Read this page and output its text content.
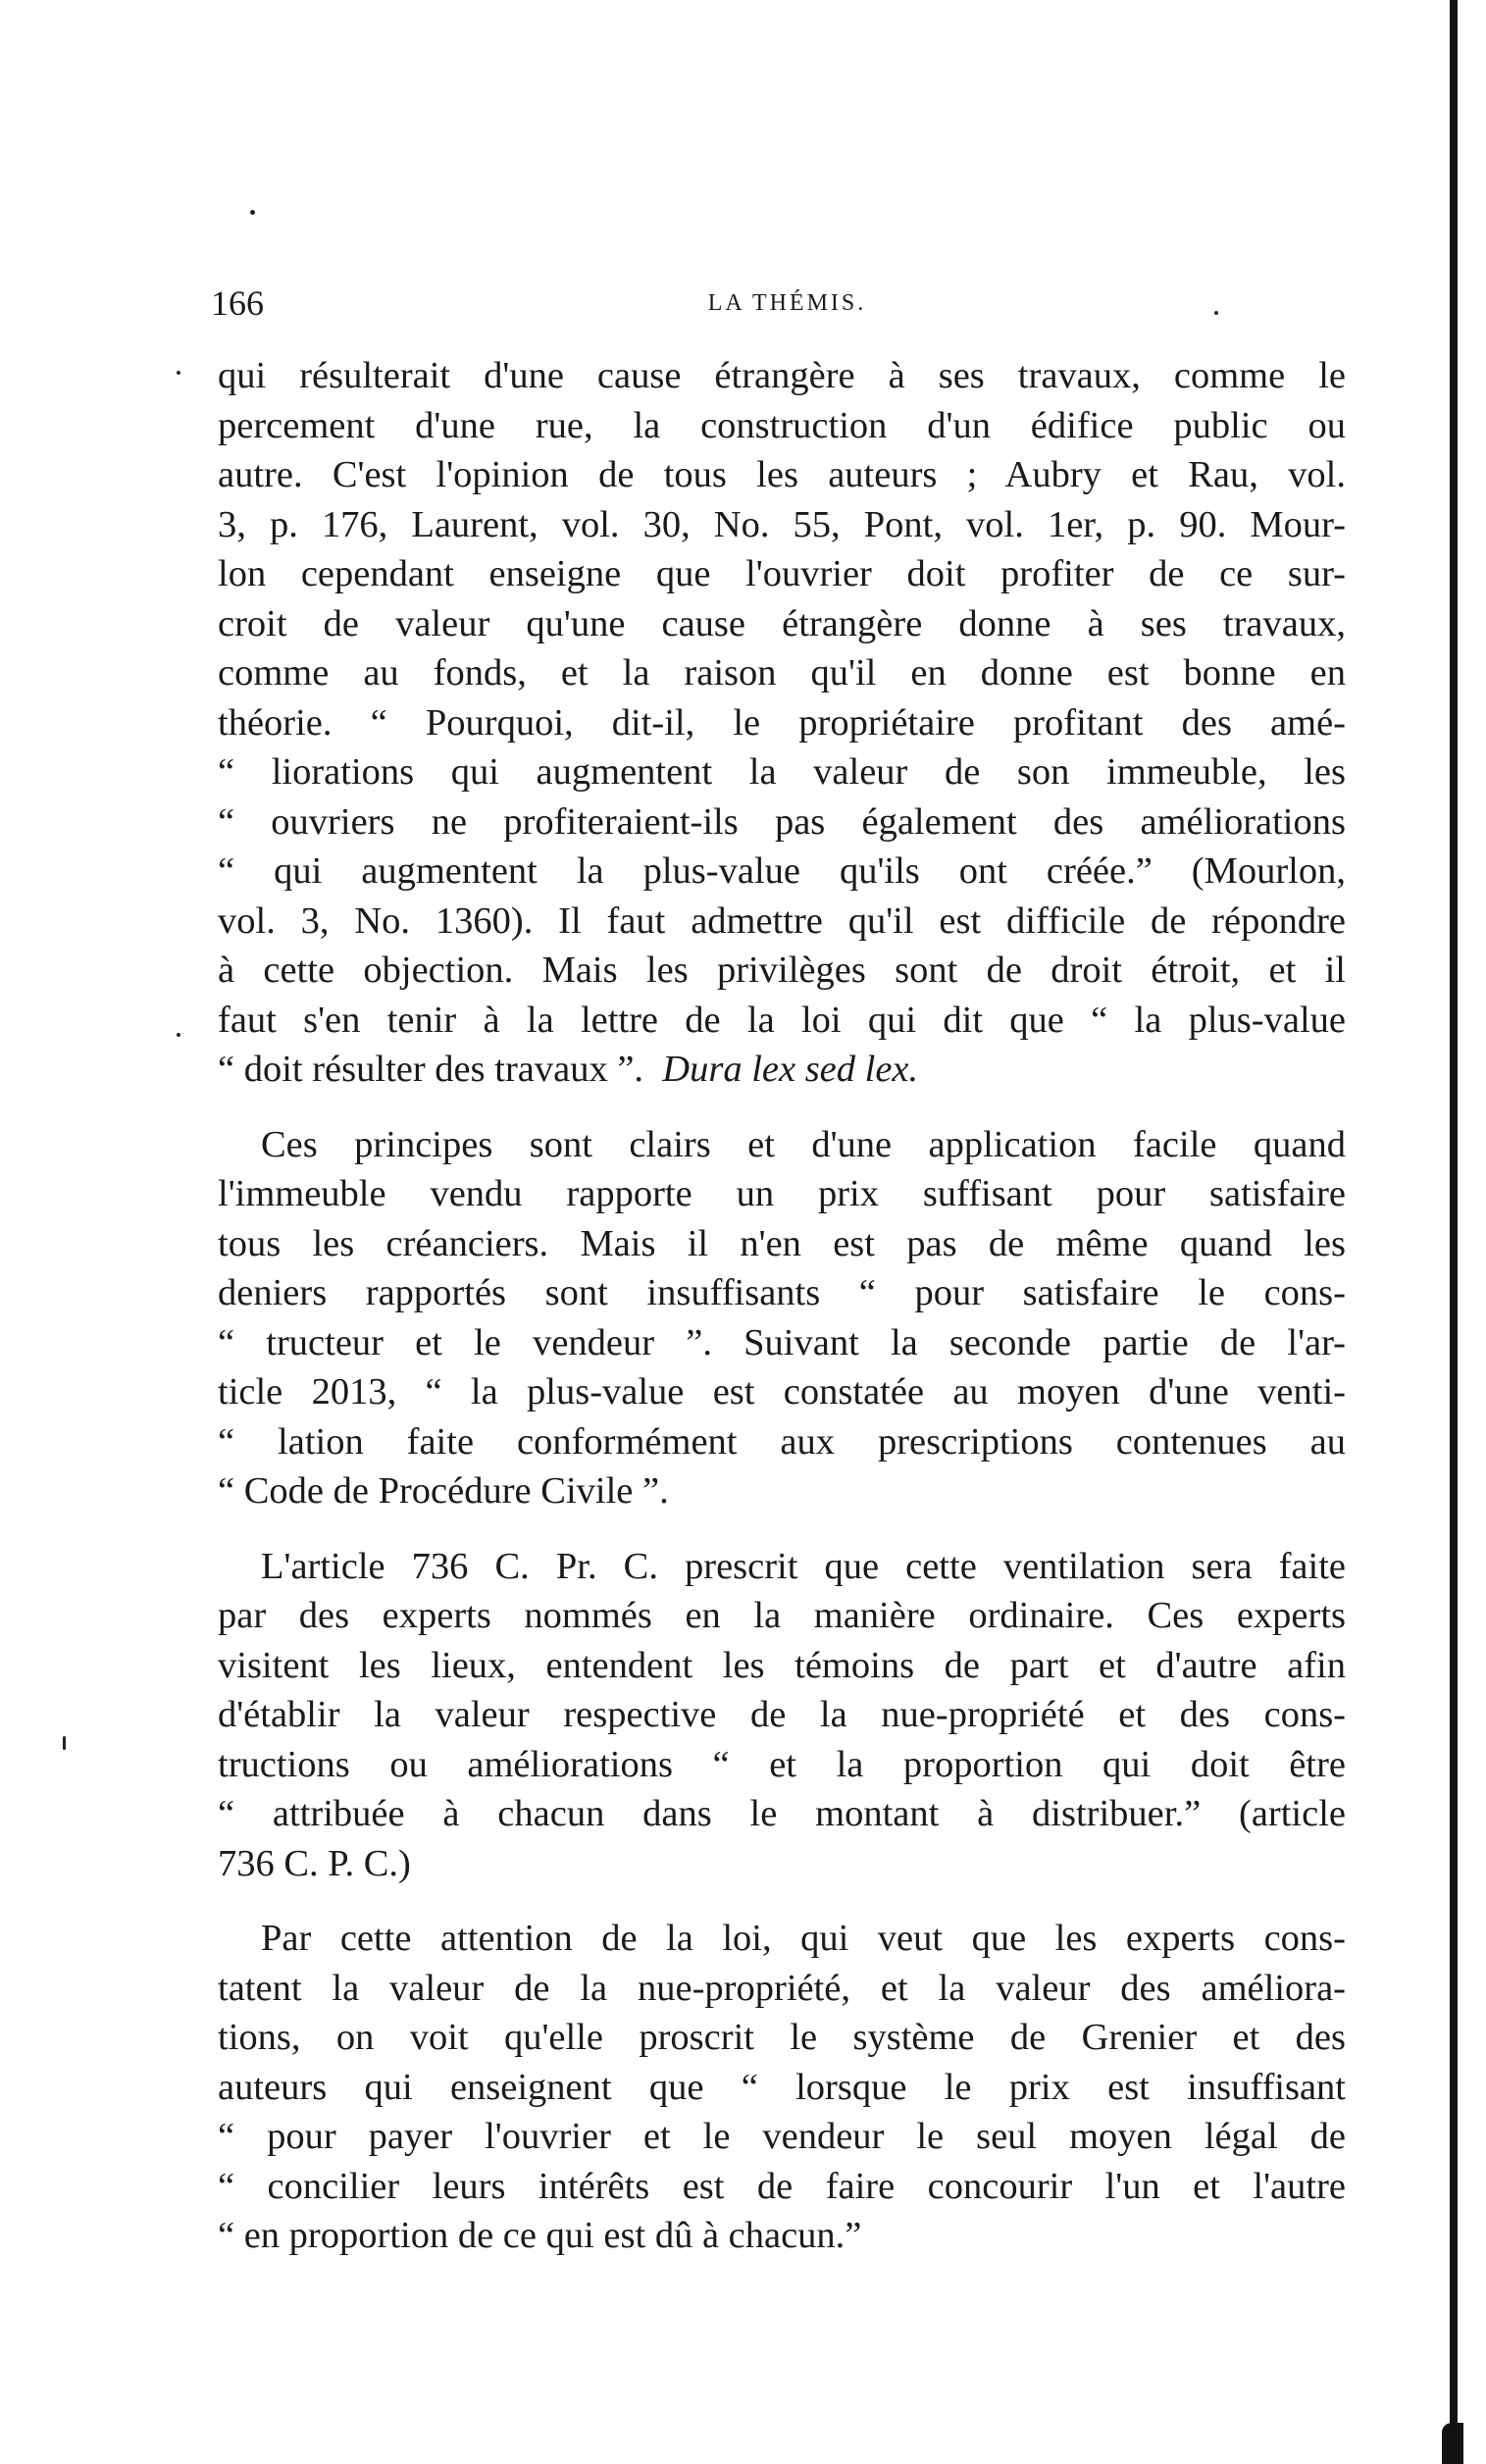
166	LA THÉMIS.
qui résulterait d'une cause étrangère à ses travaux, comme le
percement d'une rue, la construction d'un édifice public ou
autre. C'est l'opinion de tous les auteurs ; Aubry et Rau, vol.
3, p. 176, Laurent, vol. 30, No. 55, Pont, vol. 1er, p. 90. Mour-
lon cependant enseigne que l'ouvrier doit profiter de ce sur-
croit de valeur qu'une cause étrangère donne à ses travaux,
comme au fonds, et la raison qu'il en donne est bonne en
théorie. “ Pourquoi, dit-il, le propriétaire profitant des amé-
“ liorations qui augmentent la valeur de son immeuble, les
“ ouvriers ne profiteraient-ils pas également des améliorations
“ qui augmentent la plus-value qu'ils ont créée.” (Mourlon,
vol. 3, No. 1360). Il faut admettre qu'il est difficile de répondre
à cette objection. Mais les privilèges sont de droit étroit, et il
faut s'en tenir à la lettre de la loi qui dit que “ la plus-value
“ doit résulter des travaux ”. Dura lex sed lex.
Ces principes sont clairs et d'une application facile quand
l'immeuble vendu rapporte un prix suffisant pour satisfaire
tous les créanciers. Mais il n'en est pas de même quand les
deniers rapportés sont insuffisants “ pour satisfaire le cons-
“ tructeur et le vendeur ”. Suivant la seconde partie de l'ar-
ticle 2013, “ la plus-value est constatée au moyen d'une venti-
“ lation faite conformément aux prescriptions contenues au
“ Code de Procédure Civile ”.
L'article 736 C. Pr. C. prescrit que cette ventilation sera faite
par des experts nommés en la manière ordinaire. Ces experts
visitent les lieux, entendent les témoins de part et d'autre afin
d'établir la valeur respective de la nue-propriété et des cons-
tructions ou améliorations “ et la proportion qui doit être
“ attribuée à chacun dans le montant à distribuer.” (article
736 C. P. C.)
Par cette attention de la loi, qui veut que les experts cons-
tatent la valeur de la nue-propriété, et la valeur des améliora-
tions, on voit qu'elle proscrit le système de Grenier et des
auteurs qui enseignent que “ lorsque le prix est insuffisant
“ pour payer l'ouvrier et le vendeur le seul moyen légal de
“ concilier leurs intérêts est de faire concourir l'un et l'autre
“ en proportion de ce qui est dû à chacun.”
